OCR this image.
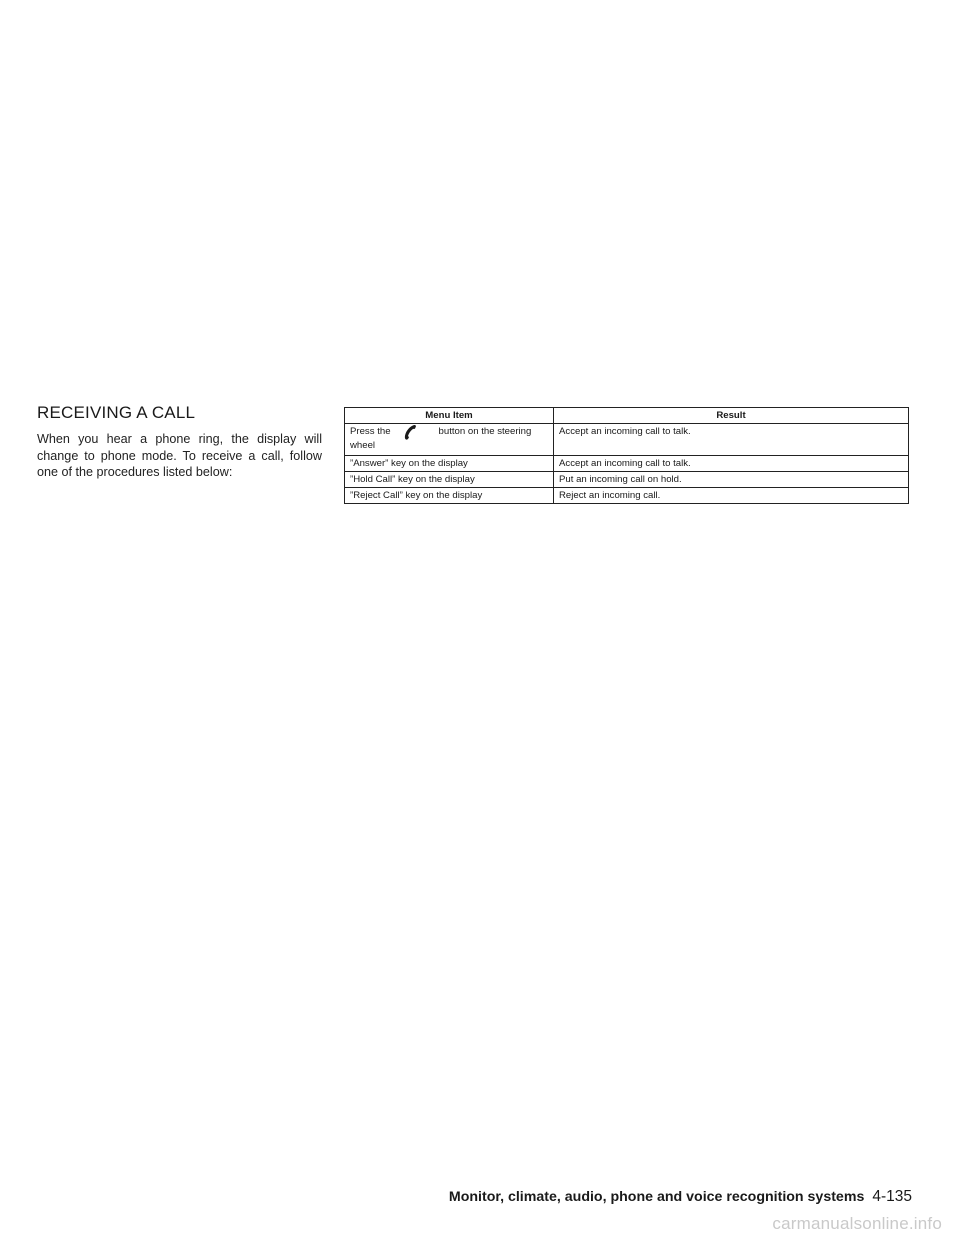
RECEIVING A CALL

When you hear a phone ring, the display will change to phone mode. To receive a call, follow one of the procedures listed below:

Menu Item	Result

Press the button on the steering
wheel	Accept an incoming call to talk.
”Answer” key on the display	Accept an incoming call to talk.
”Hold Call” key on the display	Put an incoming call on hold.
”Reject Call” key on the display	Reject an incoming call.
Monitor, climate, audio, phone and voice recognition systems 4-135
carmanualsonline.info
